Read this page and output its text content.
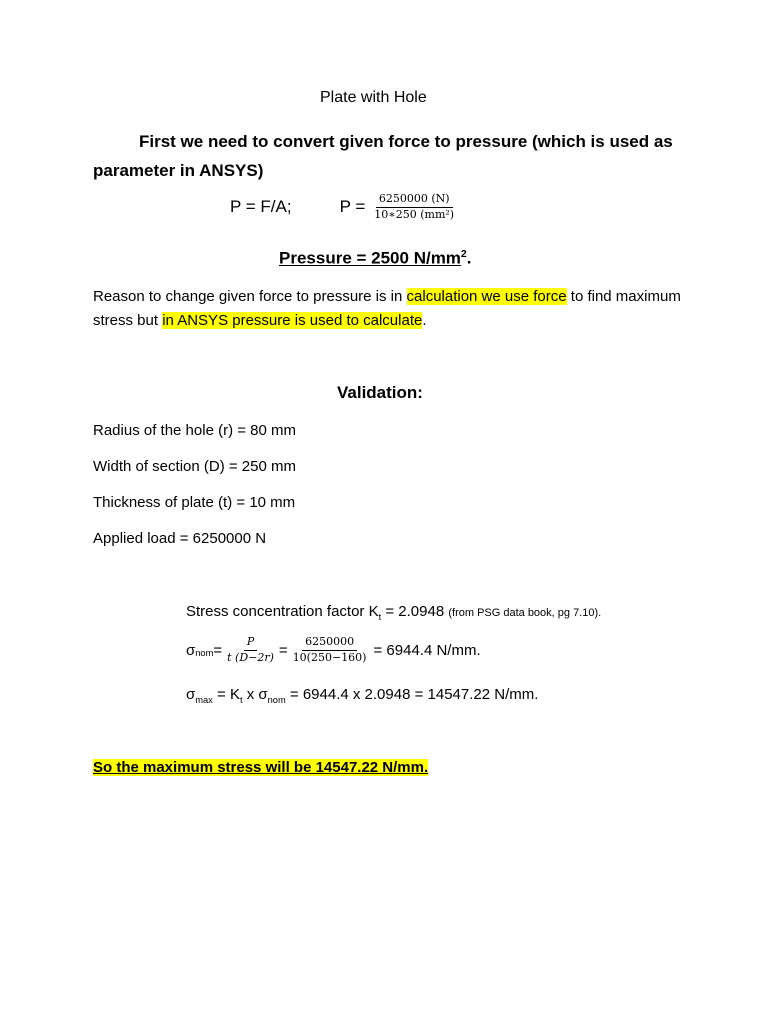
Plate with Hole
First we need to convert given force to pressure (which is used as parameter in ANSYS)
P = F/A;	$P = \frac{6250000 (N)}{\text{10∗250 (mm²)}}$
Pressure = 2500 $N/mm^2$.
Reason to change given force to pressure is in calculation we use force to find maximum stress but in ANSYS pressure is used to calculate.
Validation:
Radius of the hole (r) = 80 mm
Width of section (D) = 250 mm
Thickness of plate (t) = 10 mm
Applied load = 6250000 N
Stress concentration factor $K_t = 2.0948$ (from PSG data book, pg 7.10).
$\sigma_{nom} = \frac{P}{t (D-2r)} = \frac{6250000}{10(250-160)} = 6944.4$ N/mm.
$\sigma_{max} = K_t$ x $\sigma_{nom} = 6944.4$ x 2.0948 = 14547.22 N/mm.
So the maximum stress will be 14547.22 N/mm.
